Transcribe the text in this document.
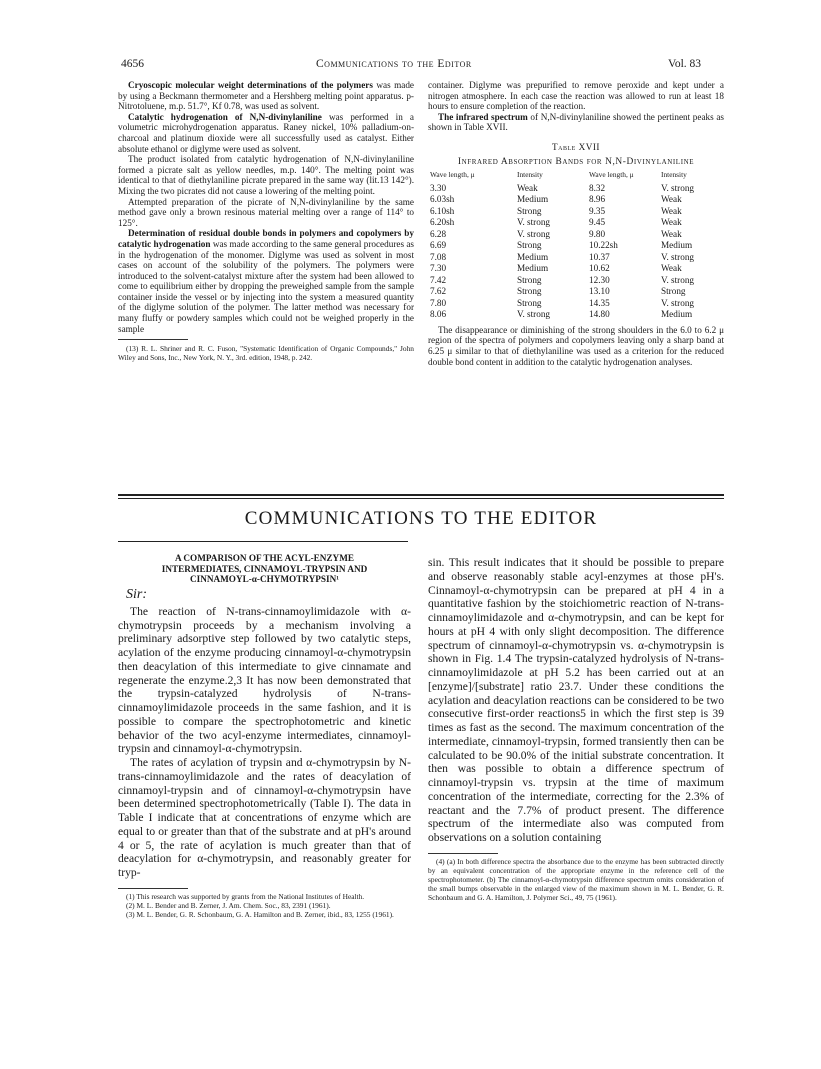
4656	Communications to the Editor	Vol. 83

Cryoscopic molecular weight determinations of the polymers was made by using a Beckmann thermometer and a Hershberg melting point apparatus. p-Nitrotoluene, m.p. 51.7°, Kf 0.78, was used as solvent.

Catalytic hydrogenation of N,N-divinylaniline was performed in a volumetric microhydrogenation apparatus. Raney nickel, 10% palladium-on-charcoal and platinum dioxide were all successfully used as catalyst. Either absolute ethanol or diglyme were used as solvent.

The product isolated from catalytic hydrogenation of N,N-divinylaniline formed a picrate salt as yellow needles, m.p. 140°. The melting point was identical to that of diethylaniline picrate prepared in the same way (lit.13 142°). Mixing the two picrates did not cause a lowering of the melting point.

Attempted preparation of the picrate of N,N-divinylaniline by the same method gave only a brown resinous material melting over a range of 114° to 125°.

Determination of residual double bonds in polymers and copolymers by catalytic hydrogenation was made according to the same general procedures as in the hydrogenation of the monomer. Diglyme was used as solvent in most cases on account of the solubility of the polymers. The polymers were introduced to the solvent-catalyst mixture after the system had been allowed to come to equilibrium either by dropping the preweighed sample from the sample container inside the vessel or by injecting into the system a measured quantity of the diglyme solution of the polymer. The latter method was necessary for many fluffy or powdery samples which could not be weighed properly in the sample

(13) R. L. Shriner and R. C. Fuson, "Systematic Identification of Organic Compounds," John Wiley and Sons, Inc., New York, N. Y., 3rd. edition, 1948, p. 242.

container. Diglyme was prepurified to remove peroxide and kept under a nitrogen atmosphere. In each case the reaction was allowed to run at least 18 hours to ensure completion of the reaction.

The infrared spectrum of N,N-divinylaniline showed the pertinent peaks as shown in Table XVII.

Table XVII
Infrared Absorption Bands for N,N-Divinylaniline
Wave length, μ	Intensity	Wave length, μ	Intensity
3.30	Weak	8.32	V. strong
6.03sh	Medium	8.96	Weak
6.10sh	Strong	9.35	Weak
6.20sh	V. strong	9.45	Weak
6.28	V. strong	9.80	Weak
6.69	Strong	10.22sh	Medium
7.08	Medium	10.37	V. strong
7.30	Medium	10.62	Weak
7.42	Strong	12.30	V. strong
7.62	Strong	13.10	Strong
7.80	Strong	14.35	V. strong
8.06	V. strong	14.80	Medium

The disappearance or diminishing of the strong shoulders in the 6.0 to 6.2 μ region of the spectra of polymers and copolymers leaving only a sharp band at 6.25 μ similar to that of diethylaniline was used as a criterion for the reduced double bond content in addition to the catalytic hydrogenation analyses.

COMMUNICATIONS TO THE EDITOR
A COMPARISON OF THE ACYL-ENZYME
INTERMEDIATES, CINNAMOYL-TRYPSIN AND
CINNAMOYL-α-CHYMOTRYPSIN¹
Sir:

The reaction of N-trans-cinnamoylimidazole with α-chymotrypsin proceeds by a mechanism involving a preliminary adsorptive step followed by two catalytic steps, acylation of the enzyme producing cinnamoyl-α-chymotrypsin then deacylation of this intermediate to give cinnamate and regenerate the enzyme.2,3 It has now been demonstrated that the trypsin-catalyzed hydrolysis of N-trans-cinnamoylimidazole proceeds in the same fashion, and it is possible to compare the spectrophotometric and kinetic behavior of the two acyl-enzyme intermediates, cinnamoyl-trypsin and cinnamoyl-α-chymotrypsin.

The rates of acylation of trypsin and α-chymotrypsin by N-trans-cinnamoylimidazole and the rates of deacylation of cinnamoyl-trypsin and of cinnamoyl-α-chymotrypsin have been determined spectrophotometrically (Table I). The data in Table I indicate that at concentrations of enzyme which are equal to or greater than that of the substrate and at pH's around 4 or 5, the rate of acylation is much greater than that of deacylation for α-chymotrypsin, and reasonably greater for tryp-

(1) This research was supported by grants from the National Institutes of Health.

(2) M. L. Bender and B. Zerner, J. Am. Chem. Soc., 83, 2391 (1961).

(3) M. L. Bender, G. R. Schonbaum, G. A. Hamilton and B. Zerner, ibid., 83, 1255 (1961).

sin. This result indicates that it should be possible to prepare and observe reasonably stable acyl-enzymes at those pH's. Cinnamoyl-α-chymotrypsin can be prepared at pH 4 in a quantitative fashion by the stoichiometric reaction of N-trans-cinnamoylimidazole and α-chymotrypsin, and can be kept for hours at pH 4 with only slight decomposition. The difference spectrum of cinnamoyl-α-chymotrypsin vs. α-chymotrypsin is shown in Fig. 1.4 The trypsin-catalyzed hydrolysis of N-trans-cinnamoylimidazole at pH 5.2 has been carried out at an [enzyme]/[substrate] ratio 23.7. Under these conditions the acylation and deacylation reactions can be considered to be two consecutive first-order reactions5 in which the first step is 39 times as fast as the second. The maximum concentration of the intermediate, cinnamoyl-trypsin, formed transiently then can be calculated to be 90.0% of the initial substrate concentration. It then was possible to obtain a difference spectrum of cinnamoyl-trypsin vs. trypsin at the time of maximum concentration of the intermediate, correcting for the 2.3% of reactant and the 7.7% of product present. The difference spectrum of the intermediate also was computed from observations on a solution containing

(4) (a) In both difference spectra the absorbance due to the enzyme has been subtracted directly by an equivalent concentration of the appropriate enzyme in the reference cell of the spectrophotometer. (b) The cinnamoyl-α-chymotrypsin difference spectrum omits consideration of the small bumps observable in the enlarged view of the maximum shown in M. L. Bender, G. R. Schonbaum and G. A. Hamilton, J. Polymer Sci., 49, 75 (1961).
